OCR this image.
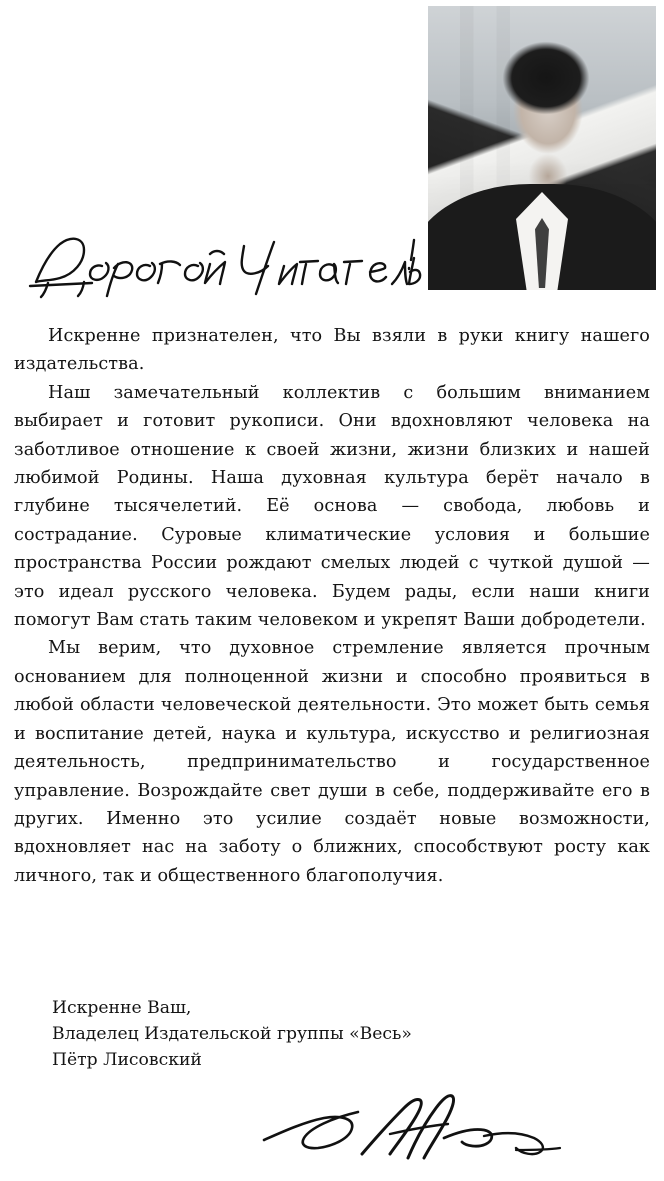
Искренне признателен, что Вы взяли в руки книгу нашего издательства.

Наш замечательный коллектив с большим вниманием выбирает и готовит рукописи. Они вдохновляют человека на заботливое отношение к своей жизни, жизни близких и нашей любимой Родины. Наша духовная культура берёт начало в глубине тысячелетий. Её основа — свобода, любовь и сострадание. Суровые климатические условия и большие пространства России рождают смелых людей с чуткой душой — это идеал русского человека. Будем рады, если наши книги помогут Вам стать таким человеком и укрепят Ваши добродетели.

Мы верим, что духовное стремление является прочным основанием для полноценной жизни и способно проявиться в любой области человеческой деятельности. Это может быть семья и воспитание детей, наука и культура, искусство и религиозная деятельность, предпринимательство и государственное управление. Возрождайте свет души в себе, поддерживайте его в других. Именно это усилие создаёт новые возможности, вдохновляет нас на заботу о ближних, способствуют росту как личного, так и общественного благополучия.

Искренне Ваш,
Владелец Издательской группы «Весь»
Пётр Лисовский
